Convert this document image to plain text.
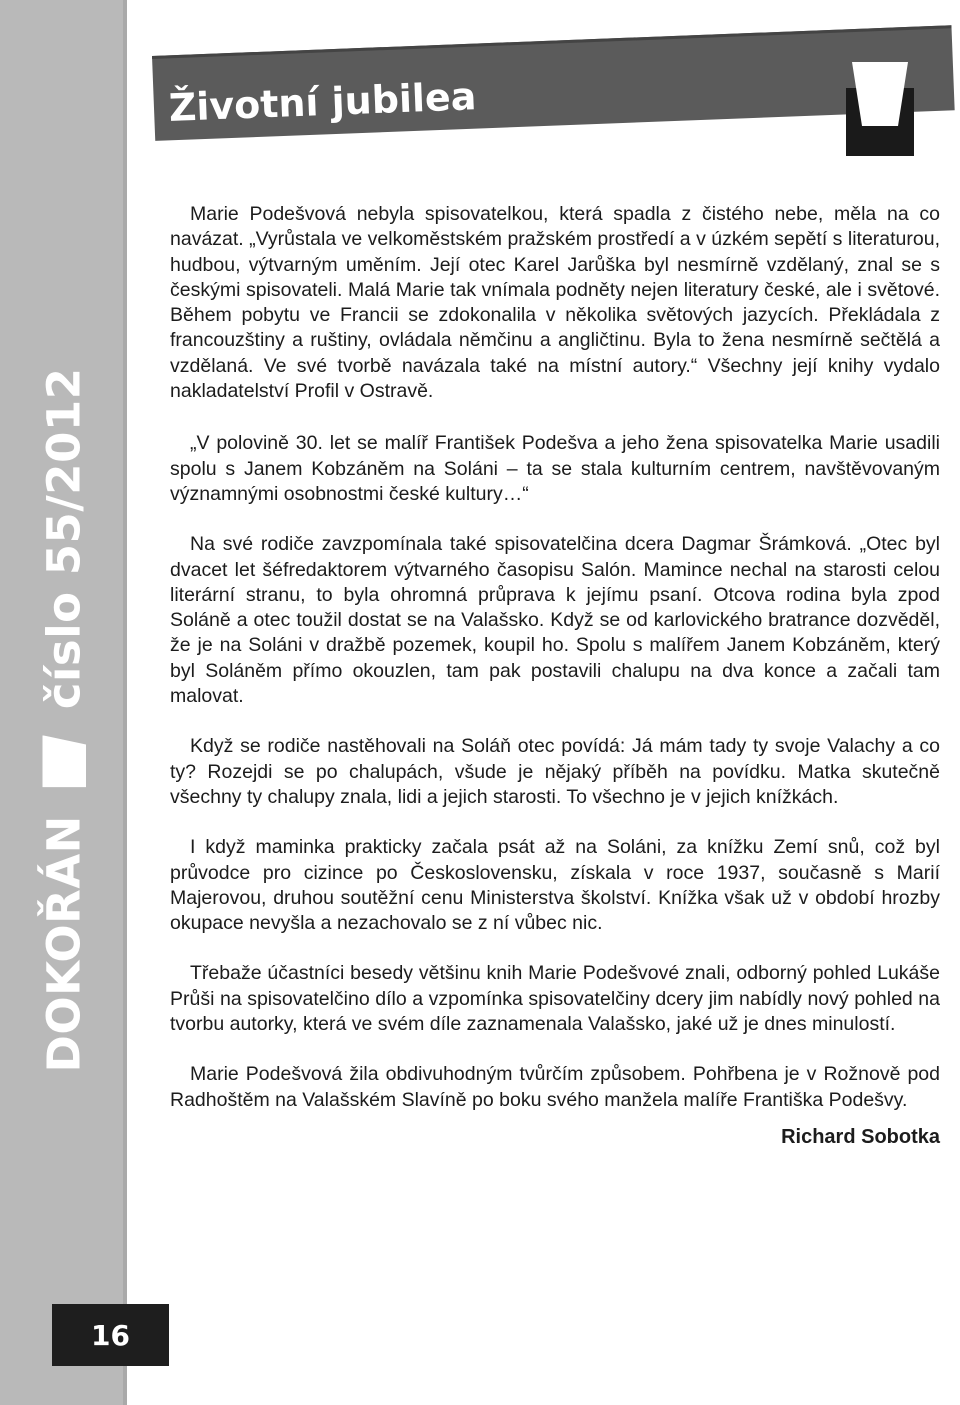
DOKOŘÁN
číslo 55/2012
Životní jubilea

Marie Podešvová nebyla spisovatelkou, která spadla z čistého nebe, měla na co navázat. „Vyrůstala ve velkoměstském pražském prostředí a v úzkém sepětí s literaturou, hudbou, výtvarným uměním. Její otec Karel Jarůška byl nesmírně vzdělaný, znal se s českými spisovateli. Malá Marie tak vnímala podněty nejen literatury české, ale i světové. Během pobytu ve Francii se zdokonalila v několika světových jazycích. Překládala z francouzštiny a ruštiny, ovládala němčinu a angličtinu. Byla to žena nesmírně sečtělá a vzdělaná. Ve své tvorbě navázala také na místní autory.“ Všechny její knihy vydalo nakladatelství Profil v Ostravě.

„V polovině 30. let se malíř František Podešva a jeho žena spisovatelka Marie usadili spolu s Janem Kobzáněm na Soláni – ta se stala kulturním centrem, navštěvovaným významnými osobnostmi české kultury…“

Na své rodiče zavzpomínala také spisovatelčina dcera Dagmar Šrámková. „Otec byl dvacet let šéfredaktorem výtvarného časopisu Salón. Mamince nechal na starosti celou literární stranu, to byla ohromná průprava k jejímu psaní. Otcova rodina byla zpod Soláně a otec toužil dostat se na Valašsko. Když se od karlovického bratrance dozvěděl, že je na Soláni v dražbě pozemek, koupil ho. Spolu s malířem Janem Kobzáněm, který byl Soláněm přímo okouzlen, tam pak postavili chalupu na dva konce a začali tam malovat.

Když se rodiče nastěhovali na Soláň otec povídá: Já mám tady ty svoje Valachy a co ty? Rozejdi se po chalupách, všude je nějaký příběh na povídku. Matka skutečně všechny ty chalupy znala, lidi a jejich starosti. To všechno je v jejich knížkách.

I když maminka prakticky začala psát až na Soláni, za knížku Zemí snů, což byl průvodce pro cizince po Československu, získala v roce 1937, současně s Marií Majerovou, druhou soutěžní cenu Ministerstva školství. Knížka však už v období hrozby okupace nevyšla a nezachovalo se z ní vůbec nic.

Třebaže účastníci besedy většinu knih Marie Podešvové znali, odborný pohled Lukáše Průši na spisovatelčino dílo a vzpomínka spisovatelčiny dcery jim nabídly nový pohled na tvorbu autorky, která ve svém díle zaznamenala Valašsko, jaké už je dnes minulostí.

Marie Podešvová žila obdivuhodným tvůrčím způsobem. Pohřbena je v Rožnově pod Radhoštěm na Valašském Slavíně po boku svého manžela malíře Františka Podešvy.

Richard Sobotka
16
